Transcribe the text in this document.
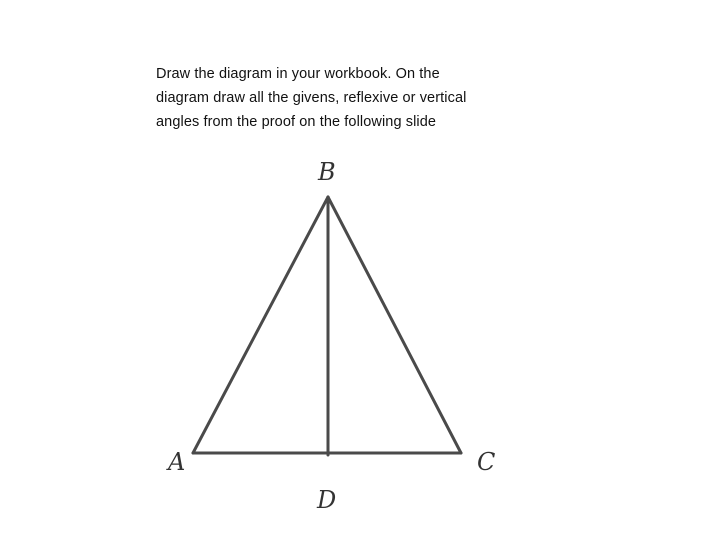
Draw the diagram in your workbook. On the
diagram draw all the givens, reflexive or vertical
angles from the proof on the following slide

B
A	C
D
